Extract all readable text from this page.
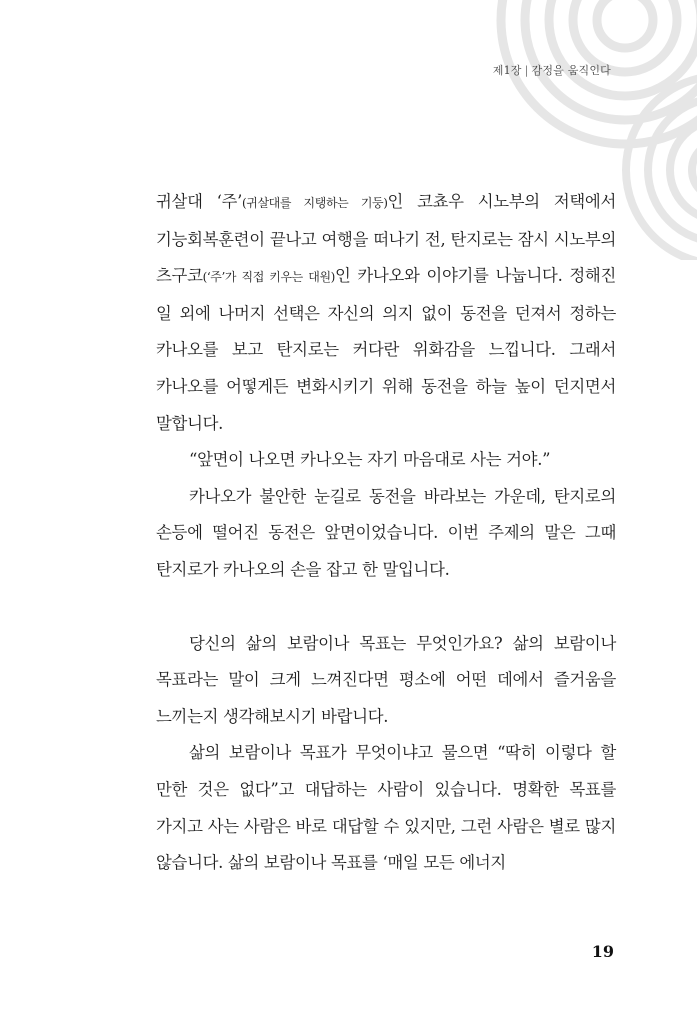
제1장 | 감정을 움직인다

귀살대 ‘주’(귀살대를 지탱하는 기둥)인 코쵸우 시노부의 저택에서 기능회복훈련이 끝나고 여행을 떠나기 전, 탄지로는 잠시 시노부의 츠구코(‘주’가 직접 키우는 대원)인 카나오와 이야기를 나눕니다. 정해진 일 외에 나머지 선택은 자신의 의지 없이 동전을 던져서 정하는 카나오를 보고 탄지로는 커다란 위화감을 느낍니다. 그래서 카나오를 어떻게든 변화시키기 위해 동전을 하늘 높이 던지면서 말합니다.

“앞면이 나오면 카나오는 자기 마음대로 사는 거야.”

카나오가 불안한 눈길로 동전을 바라보는 가운데, 탄지로의 손등에 떨어진 동전은 앞면이었습니다. 이번 주제의 말은 그때 탄지로가 카나오의 손을 잡고 한 말입니다.

당신의 삶의 보람이나 목표는 무엇인가요? 삶의 보람이나 목표라는 말이 크게 느껴진다면 평소에 어떤 데에서 즐거움을 느끼는지 생각해보시기 바랍니다.

삶의 보람이나 목표가 무엇이냐고 물으면 “딱히 이렇다 할 만한 것은 없다”고 대답하는 사람이 있습니다. 명확한 목표를 가지고 사는 사람은 바로 대답할 수 있지만, 그런 사람은 별로 많지 않습니다. 삶의 보람이나 목표를 ‘매일 모든 에너지

19
